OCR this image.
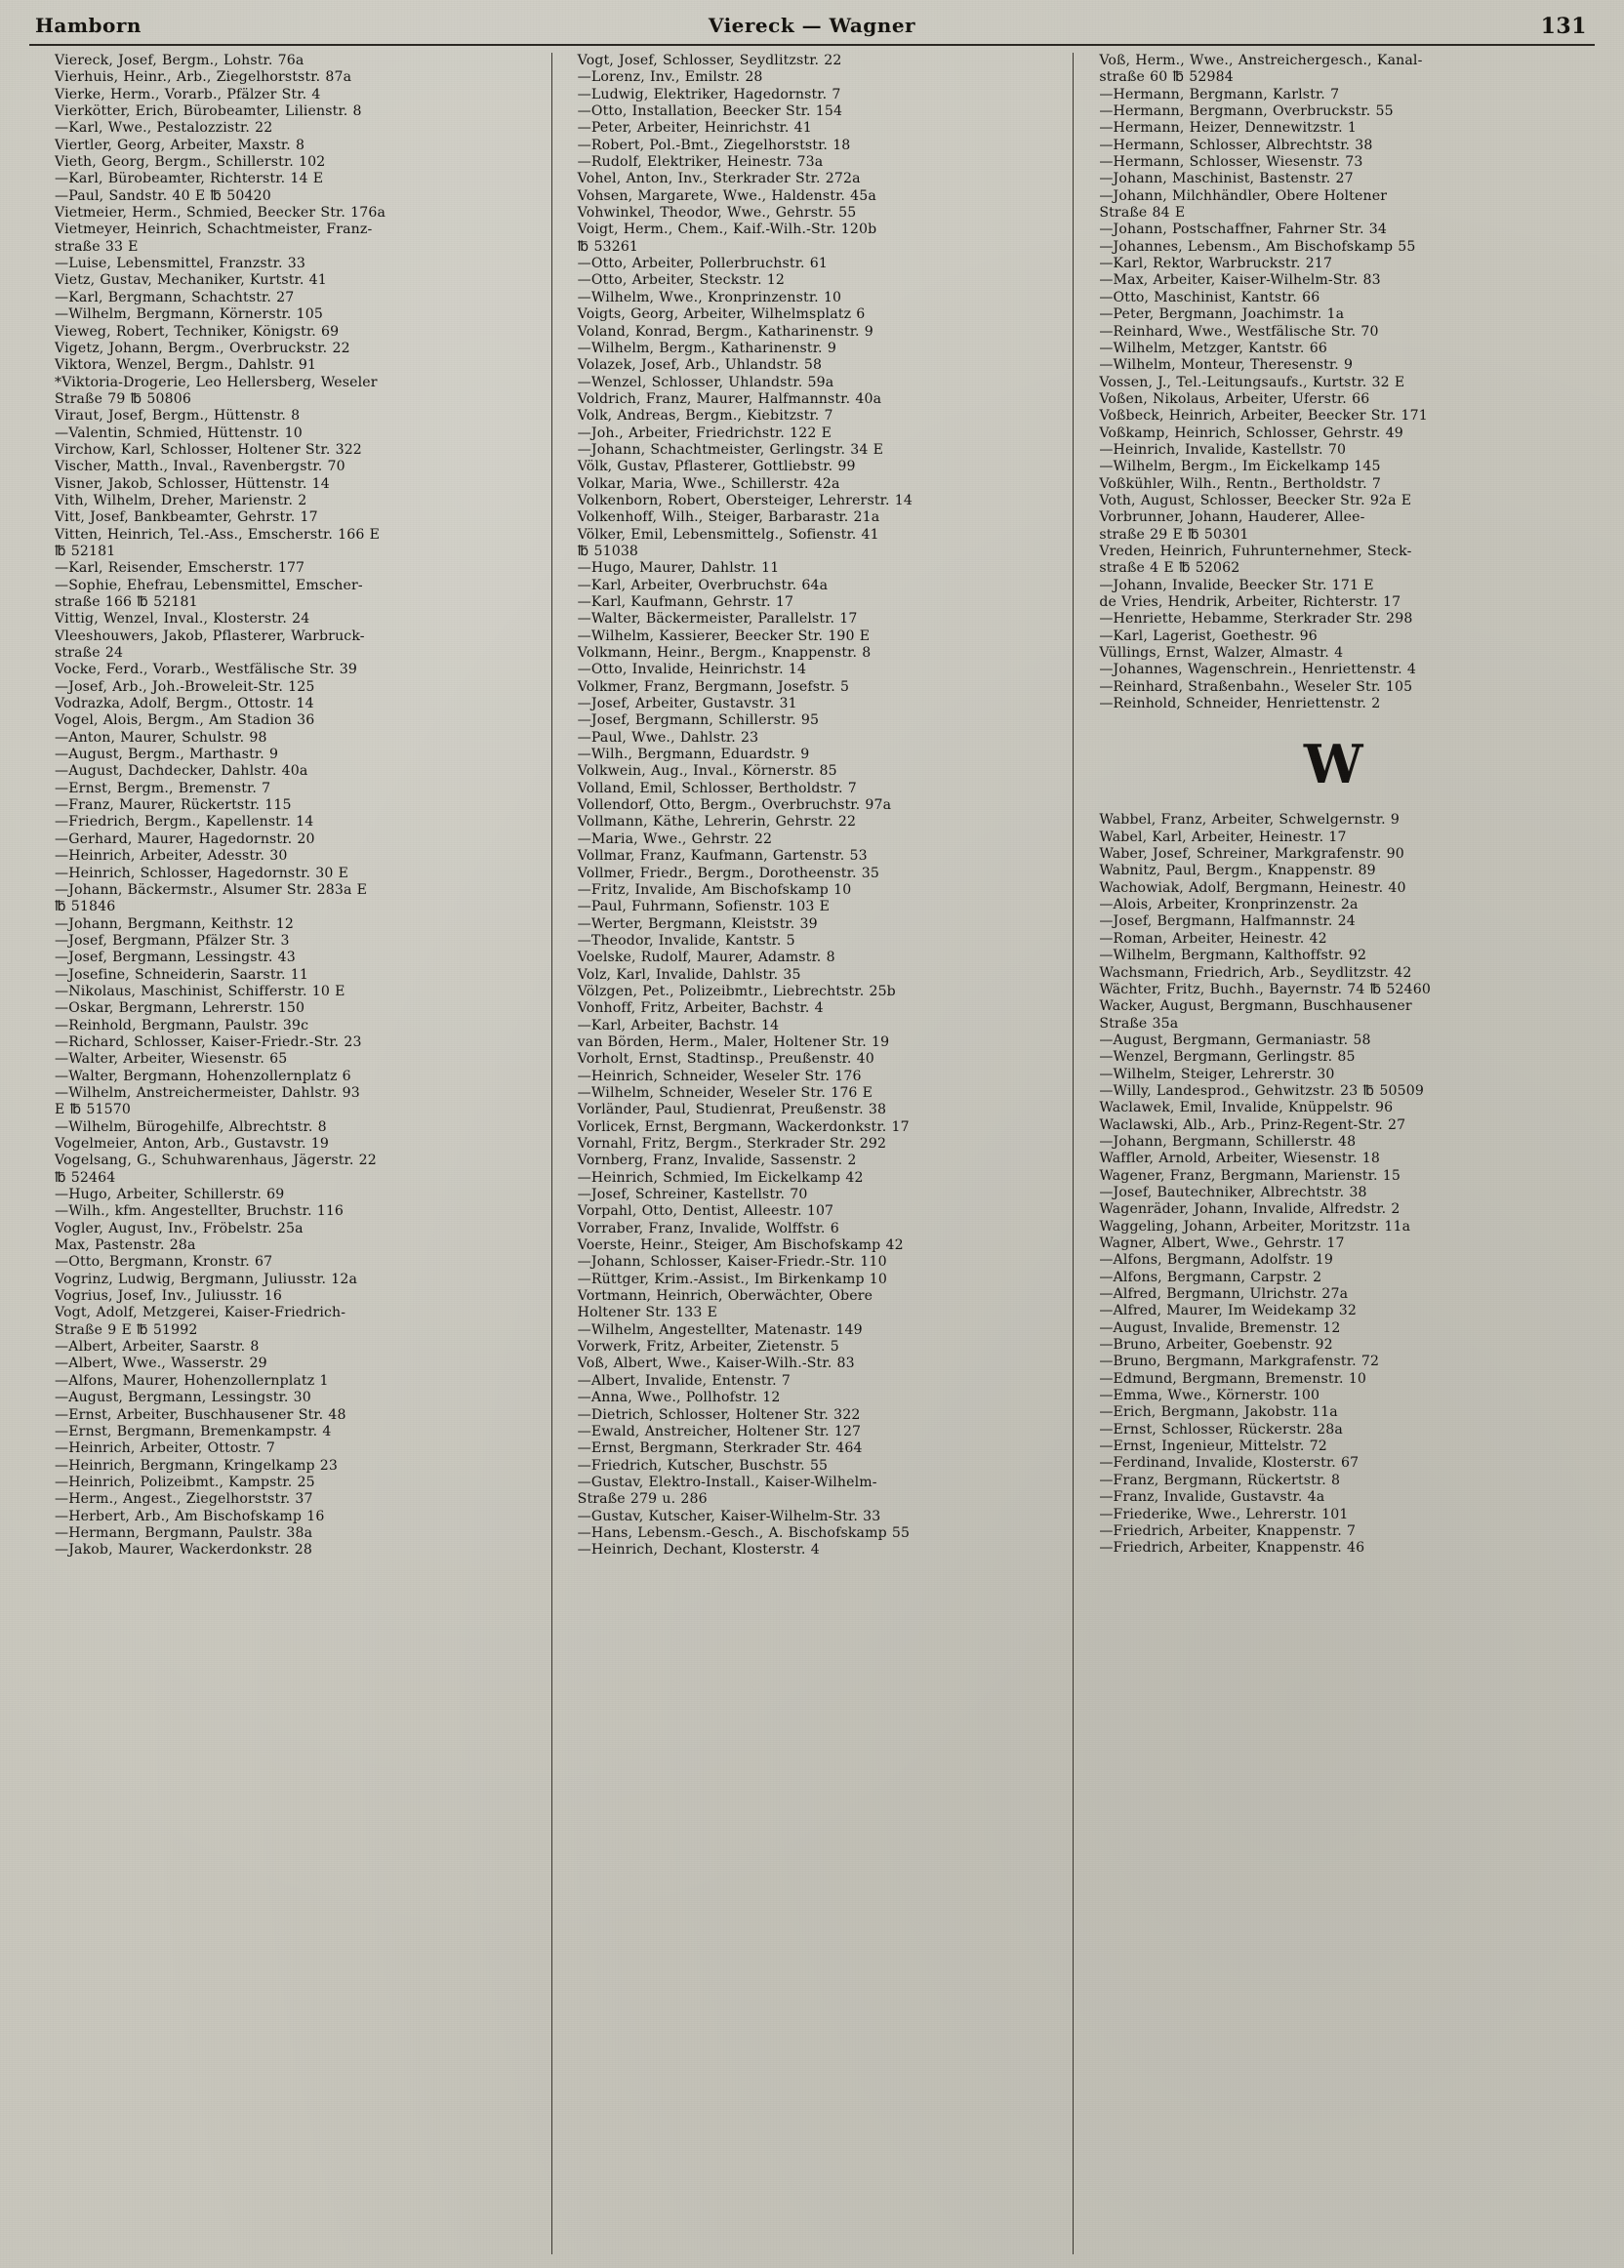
Hamborn	Viereck — Wagner	131

Viereck, Josef, Bergm., Lohstr. 76a

Vierhuis, Heinr., Arb., Ziegelhorststr. 87a

Vierke, Herm., Vorarb., Pfälzer Str. 4

Vierkötter, Erich, Bürobeamter, Lilienstr. 8

—Karl, Wwe., Pestalozzistr. 22

Viertler, Georg, Arbeiter, Maxstr. 8

Vieth, Georg, Bergm., Schillerstr. 102

—Karl, Bürobeamter, Richterstr. 14 E

—Paul, Sandstr. 40 E ℔ 50420

Vietmeier, Herm., Schmied, Beecker Str. 176a

Vietmeyer, Heinrich, Schachtmeister, Franz-

straße 33 E

—Luise, Lebensmittel, Franzstr. 33

Vietz, Gustav, Mechaniker, Kurtstr. 41

—Karl, Bergmann, Schachtstr. 27

—Wilhelm, Bergmann, Körnerstr. 105

Vieweg, Robert, Techniker, Königstr. 69

Vigetz, Johann, Bergm., Overbruckstr. 22

Viktora, Wenzel, Bergm., Dahlstr. 91

*Viktoria-Drogerie, Leo Hellersberg, Weseler

Straße 79 ℔ 50806

Viraut, Josef, Bergm., Hüttenstr. 8

—Valentin, Schmied, Hüttenstr. 10

Virchow, Karl, Schlosser, Holtener Str. 322

Vischer, Matth., Inval., Ravenbergstr. 70

Visner, Jakob, Schlosser, Hüttenstr. 14

Vith, Wilhelm, Dreher, Marienstr. 2

Vitt, Josef, Bankbeamter, Gehrstr. 17

Vitten, Heinrich, Tel.-Ass., Emscherstr. 166 E

℔ 52181

—Karl, Reisender, Emscherstr. 177

—Sophie, Ehefrau, Lebensmittel, Emscher-

straße 166 ℔ 52181

Vittig, Wenzel, Inval., Klosterstr. 24

Vleeshouwers, Jakob, Pflasterer, Warbruck-

straße 24

Vocke, Ferd., Vorarb., Westfälische Str. 39

—Josef, Arb., Joh.-Broweleit-Str. 125

Vodrazka, Adolf, Bergm., Ottostr. 14

Vogel, Alois, Bergm., Am Stadion 36

—Anton, Maurer, Schulstr. 98

—August, Bergm., Marthastr. 9

—August, Dachdecker, Dahlstr. 40a

—Ernst, Bergm., Bremenstr. 7

—Franz, Maurer, Rückertstr. 115

—Friedrich, Bergm., Kapellenstr. 14

—Gerhard, Maurer, Hagedornstr. 20

—Heinrich, Arbeiter, Adesstr. 30

—Heinrich, Schlosser, Hagedornstr. 30 E

—Johann, Bäckermstr., Alsumer Str. 283a E

℔ 51846

—Johann, Bergmann, Keithstr. 12

—Josef, Bergmann, Pfälzer Str. 3

—Josef, Bergmann, Lessingstr. 43

—Josefine, Schneiderin, Saarstr. 11

—Nikolaus, Maschinist, Schifferstr. 10 E

—Oskar, Bergmann, Lehrerstr. 150

—Reinhold, Bergmann, Paulstr. 39c

—Richard, Schlosser, Kaiser-Friedr.-Str. 23

—Walter, Arbeiter, Wiesenstr. 65

—Walter, Bergmann, Hohenzollernplatz 6

—Wilhelm, Anstreichermeister, Dahlstr. 93

E ℔ 51570

—Wilhelm, Bürogehilfe, Albrechtstr. 8

Vogelmeier, Anton, Arb., Gustavstr. 19

Vogelsang, G., Schuhwarenhaus, Jägerstr. 22

℔ 52464

—Hugo, Arbeiter, Schillerstr. 69

—Wilh., kfm. Angestellter, Bruchstr. 116

Vogler, August, Inv., Fröbelstr. 25a

Max, Pastenstr. 28a

—Otto, Bergmann, Kronstr. 67

Vogrinz, Ludwig, Bergmann, Juliusstr. 12a

Vogrius, Josef, Inv., Juliusstr. 16

Vogt, Adolf, Metzgerei, Kaiser-Friedrich-

Straße 9 E ℔ 51992

—Albert, Arbeiter, Saarstr. 8

—Albert, Wwe., Wasserstr. 29

—Alfons, Maurer, Hohenzollernplatz 1

—August, Bergmann, Lessingstr. 30

—Ernst, Arbeiter, Buschhausener Str. 48

—Ernst, Bergmann, Bremenkampstr. 4

—Heinrich, Arbeiter, Ottostr. 7

—Heinrich, Bergmann, Kringelkamp 23

—Heinrich, Polizeibmt., Kampstr. 25

—Herm., Angest., Ziegelhorststr. 37

—Herbert, Arb., Am Bischofskamp 16

—Hermann, Bergmann, Paulstr. 38a

—Jakob, Maurer, Wackerdonkstr. 28

Vogt, Josef, Schlosser, Seydlitzstr. 22

—Lorenz, Inv., Emilstr. 28

—Ludwig, Elektriker, Hagedornstr. 7

—Otto, Installation, Beecker Str. 154

—Peter, Arbeiter, Heinrichstr. 41

—Robert, Pol.-Bmt., Ziegelhorststr. 18

—Rudolf, Elektriker, Heinestr. 73a

Vohel, Anton, Inv., Sterkrader Str. 272a

Vohsen, Margarete, Wwe., Haldenstr. 45a

Vohwinkel, Theodor, Wwe., Gehrstr. 55

Voigt, Herm., Chem., Kaif.-Wilh.-Str. 120b

℔ 53261

—Otto, Arbeiter, Pollerbruchstr. 61

—Otto, Arbeiter, Steckstr. 12

—Wilhelm, Wwe., Kronprinzenstr. 10

Voigts, Georg, Arbeiter, Wilhelmsplatz 6

Voland, Konrad, Bergm., Katharinenstr. 9

—Wilhelm, Bergm., Katharinenstr. 9

Volazek, Josef, Arb., Uhlandstr. 58

—Wenzel, Schlosser, Uhlandstr. 59a

Voldrich, Franz, Maurer, Halfmannstr. 40a

Volk, Andreas, Bergm., Kiebitzstr. 7

—Joh., Arbeiter, Friedrichstr. 122 E

—Johann, Schachtmeister, Gerlingstr. 34 E

Völk, Gustav, Pflasterer, Gottliebstr. 99

Volkar, Maria, Wwe., Schillerstr. 42a

Volkenborn, Robert, Obersteiger, Lehrerstr. 14

Volkenhoff, Wilh., Steiger, Barbarastr. 21a

Völker, Emil, Lebensmittelg., Sofienstr. 41

℔ 51038

—Hugo, Maurer, Dahlstr. 11

—Karl, Arbeiter, Overbruchstr. 64a

—Karl, Kaufmann, Gehrstr. 17

—Walter, Bäckermeister, Parallelstr. 17

—Wilhelm, Kassierer, Beecker Str. 190 E

Volkmann, Heinr., Bergm., Knappenstr. 8

—Otto, Invalide, Heinrichstr. 14

Volkmer, Franz, Bergmann, Josefstr. 5

—Josef, Arbeiter, Gustavstr. 31

—Josef, Bergmann, Schillerstr. 95

—Paul, Wwe., Dahlstr. 23

—Wilh., Bergmann, Eduardstr. 9

Volkwein, Aug., Inval., Körnerstr. 85

Volland, Emil, Schlosser, Bertholdstr. 7

Vollendorf, Otto, Bergm., Overbruchstr. 97a

Vollmann, Käthe, Lehrerin, Gehrstr. 22

—Maria, Wwe., Gehrstr. 22

Vollmar, Franz, Kaufmann, Gartenstr. 53

Vollmer, Friedr., Bergm., Dorotheenstr. 35

—Fritz, Invalide, Am Bischofskamp 10

—Paul, Fuhrmann, Sofienstr. 103 E

—Werter, Bergmann, Kleiststr. 39

—Theodor, Invalide, Kantstr. 5

Voelske, Rudolf, Maurer, Adamstr. 8

Volz, Karl, Invalide, Dahlstr. 35

Völzgen, Pet., Polizeibmtr., Liebrechtstr. 25b

Vonhoff, Fritz, Arbeiter, Bachstr. 4

—Karl, Arbeiter, Bachstr. 14

van Börden, Herm., Maler, Holtener Str. 19

Vorholt, Ernst, Stadtinsp., Preußenstr. 40

—Heinrich, Schneider, Weseler Str. 176

—Wilhelm, Schneider, Weseler Str. 176 E

Vorländer, Paul, Studienrat, Preußenstr. 38

Vorlicek, Ernst, Bergmann, Wackerdonkstr. 17

Vornahl, Fritz, Bergm., Sterkrader Str. 292

Vornberg, Franz, Invalide, Sassenstr. 2

—Heinrich, Schmied, Im Eickelkamp 42

—Josef, Schreiner, Kastellstr. 70

Vorpahl, Otto, Dentist, Alleestr. 107

Vorraber, Franz, Invalide, Wolffstr. 6

Voerste, Heinr., Steiger, Am Bischofskamp 42

—Johann, Schlosser, Kaiser-Friedr.-Str. 110

—Rüttger, Krim.-Assist., Im Birkenkamp 10

Vortmann, Heinrich, Oberwächter, Obere

Holtener Str. 133 E

—Wilhelm, Angestellter, Matenastr. 149

Vorwerk, Fritz, Arbeiter, Zietenstr. 5

Voß, Albert, Wwe., Kaiser-Wilh.-Str. 83

—Albert, Invalide, Entenstr. 7

—Anna, Wwe., Pollhofstr. 12

—Dietrich, Schlosser, Holtener Str. 322

—Ewald, Anstreicher, Holtener Str. 127

—Ernst, Bergmann, Sterkrader Str. 464

—Friedrich, Kutscher, Buschstr. 55

—Gustav, Elektro-Install., Kaiser-Wilhelm-

Straße 279 u. 286

—Gustav, Kutscher, Kaiser-Wilhelm-Str. 33

—Hans, Lebensm.-Gesch., A. Bischofskamp 55

—Heinrich, Dechant, Klosterstr. 4

Voß, Herm., Wwe., Anstreichergesch., Kanal-

straße 60 ℔ 52984

—Hermann, Bergmann, Karlstr. 7

—Hermann, Bergmann, Overbruckstr. 55

—Hermann, Heizer, Dennewitzstr. 1

—Hermann, Schlosser, Albrechtstr. 38

—Hermann, Schlosser, Wiesenstr. 73

—Johann, Maschinist, Bastenstr. 27

—Johann, Milchhändler, Obere Holtener

Straße 84 E

—Johann, Postschaffner, Fahrner Str. 34

—Johannes, Lebensm., Am Bischofskamp 55

—Karl, Rektor, Warbruckstr. 217

—Max, Arbeiter, Kaiser-Wilhelm-Str. 83

—Otto, Maschinist, Kantstr. 66

—Peter, Bergmann, Joachimstr. 1a

—Reinhard, Wwe., Westfälische Str. 70

—Wilhelm, Metzger, Kantstr. 66

—Wilhelm, Monteur, Theresenstr. 9

Vossen, J., Tel.-Leitungsaufs., Kurtstr. 32 E

Voßen, Nikolaus, Arbeiter, Uferstr. 66

Voßbeck, Heinrich, Arbeiter, Beecker Str. 171

Voßkamp, Heinrich, Schlosser, Gehrstr. 49

—Heinrich, Invalide, Kastellstr. 70

—Wilhelm, Bergm., Im Eickelkamp 145

Voßkühler, Wilh., Rentn., Bertholdstr. 7

Voth, August, Schlosser, Beecker Str. 92a E

Vorbrunner, Johann, Hauderer, Allee-

straße 29 E ℔ 50301

Vreden, Heinrich, Fuhrunternehmer, Steck-

straße 4 E ℔ 52062

—Johann, Invalide, Beecker Str. 171 E

de Vries, Hendrik, Arbeiter, Richterstr. 17

—Henriette, Hebamme, Sterkrader Str. 298

—Karl, Lagerist, Goethestr. 96

Vüllings, Ernst, Walzer, Almastr. 4

—Johannes, Wagenschrein., Henriettenstr. 4

—Reinhard, Straßenbahn., Weseler Str. 105

—Reinhold, Schneider, Henriettenstr. 2

W

Wabbel, Franz, Arbeiter, Schwelgernstr. 9

Wabel, Karl, Arbeiter, Heinestr. 17

Waber, Josef, Schreiner, Markgrafenstr. 90

Wabnitz, Paul, Bergm., Knappenstr. 89

Wachowiak, Adolf, Bergmann, Heinestr. 40

—Alois, Arbeiter, Kronprinzenstr. 2a

—Josef, Bergmann, Halfmannstr. 24

—Roman, Arbeiter, Heinestr. 42

—Wilhelm, Bergmann, Kalthoffstr. 92

Wachsmann, Friedrich, Arb., Seydlitzstr. 42

Wächter, Fritz, Buchh., Bayernstr. 74 ℔ 52460

Wacker, August, Bergmann, Buschhausener

Straße 35a

—August, Bergmann, Germaniastr. 58

—Wenzel, Bergmann, Gerlingstr. 85

—Wilhelm, Steiger, Lehrerstr. 30

—Willy, Landesprod., Gehwitzstr. 23 ℔ 50509

Waclawek, Emil, Invalide, Knüppelstr. 96

Waclawski, Alb., Arb., Prinz-Regent-Str. 27

—Johann, Bergmann, Schillerstr. 48

Waffler, Arnold, Arbeiter, Wiesenstr. 18

Wagener, Franz, Bergmann, Marienstr. 15

—Josef, Bautechniker, Albrechtstr. 38

Wagenräder, Johann, Invalide, Alfredstr. 2

Waggeling, Johann, Arbeiter, Moritzstr. 11a

Wagner, Albert, Wwe., Gehrstr. 17

—Alfons, Bergmann, Adolfstr. 19

—Alfons, Bergmann, Carpstr. 2

—Alfred, Bergmann, Ulrichstr. 27a

—Alfred, Maurer, Im Weidekamp 32

—August, Invalide, Bremenstr. 12

—Bruno, Arbeiter, Goebenstr. 92

—Bruno, Bergmann, Markgrafenstr. 72

—Edmund, Bergmann, Bremenstr. 10

—Emma, Wwe., Körnerstr. 100

—Erich, Bergmann, Jakobstr. 11a

—Ernst, Schlosser, Rückerstr. 28a

—Ernst, Ingenieur, Mittelstr. 72

—Ferdinand, Invalide, Klosterstr. 67

—Franz, Bergmann, Rückertstr. 8

—Franz, Invalide, Gustavstr. 4a

—Friederike, Wwe., Lehrerstr. 101

—Friedrich, Arbeiter, Knappenstr. 7

—Friedrich, Arbeiter, Knappenstr. 46
